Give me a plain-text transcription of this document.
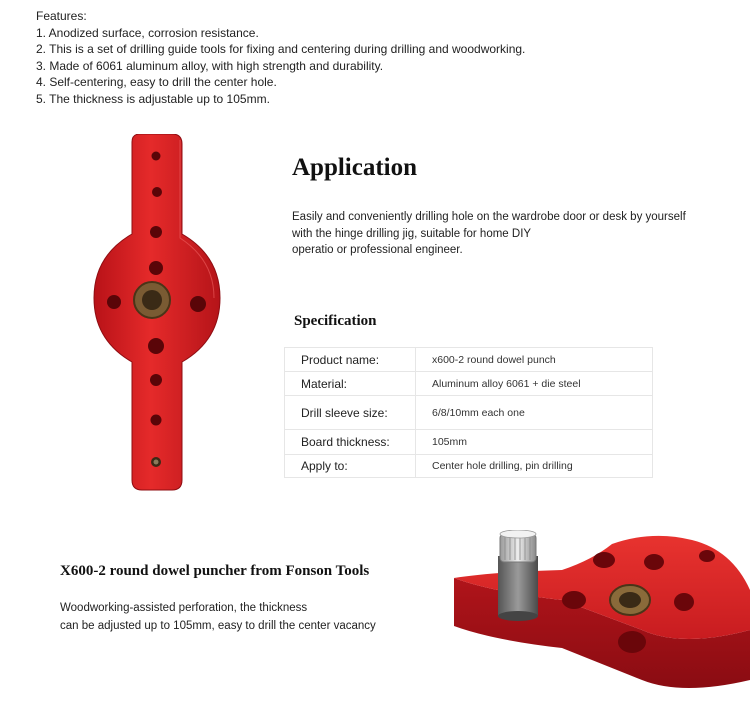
Features:
1. Anodized surface, corrosion resistance.
2. This is a set of drilling guide tools for fixing and centering during drilling and woodworking.
3. Made of 6061 aluminum alloy, with high strength and durability.
4. Self-centering, easy to drill the center hole.
5. The thickness is adjustable up to 105mm.
Application
Easily and conveniently drilling hole on the wardrobe door or desk by yourself
with the hinge drilling jig, suitable for home DIY
operatio or professional engineer.
Specification
Product name:	x600-2 round dowel punch
Material:	Aluminum alloy 6061 + die steel
Drill sleeve size:	6/8/10mm each one
Board thickness:	105mm
Apply to:	Center hole drilling, pin drilling
X600-2 round dowel puncher from Fonson Tools
Woodworking-assisted perforation, the thickness
can be adjusted up to 105mm, easy to drill the center vacancy
